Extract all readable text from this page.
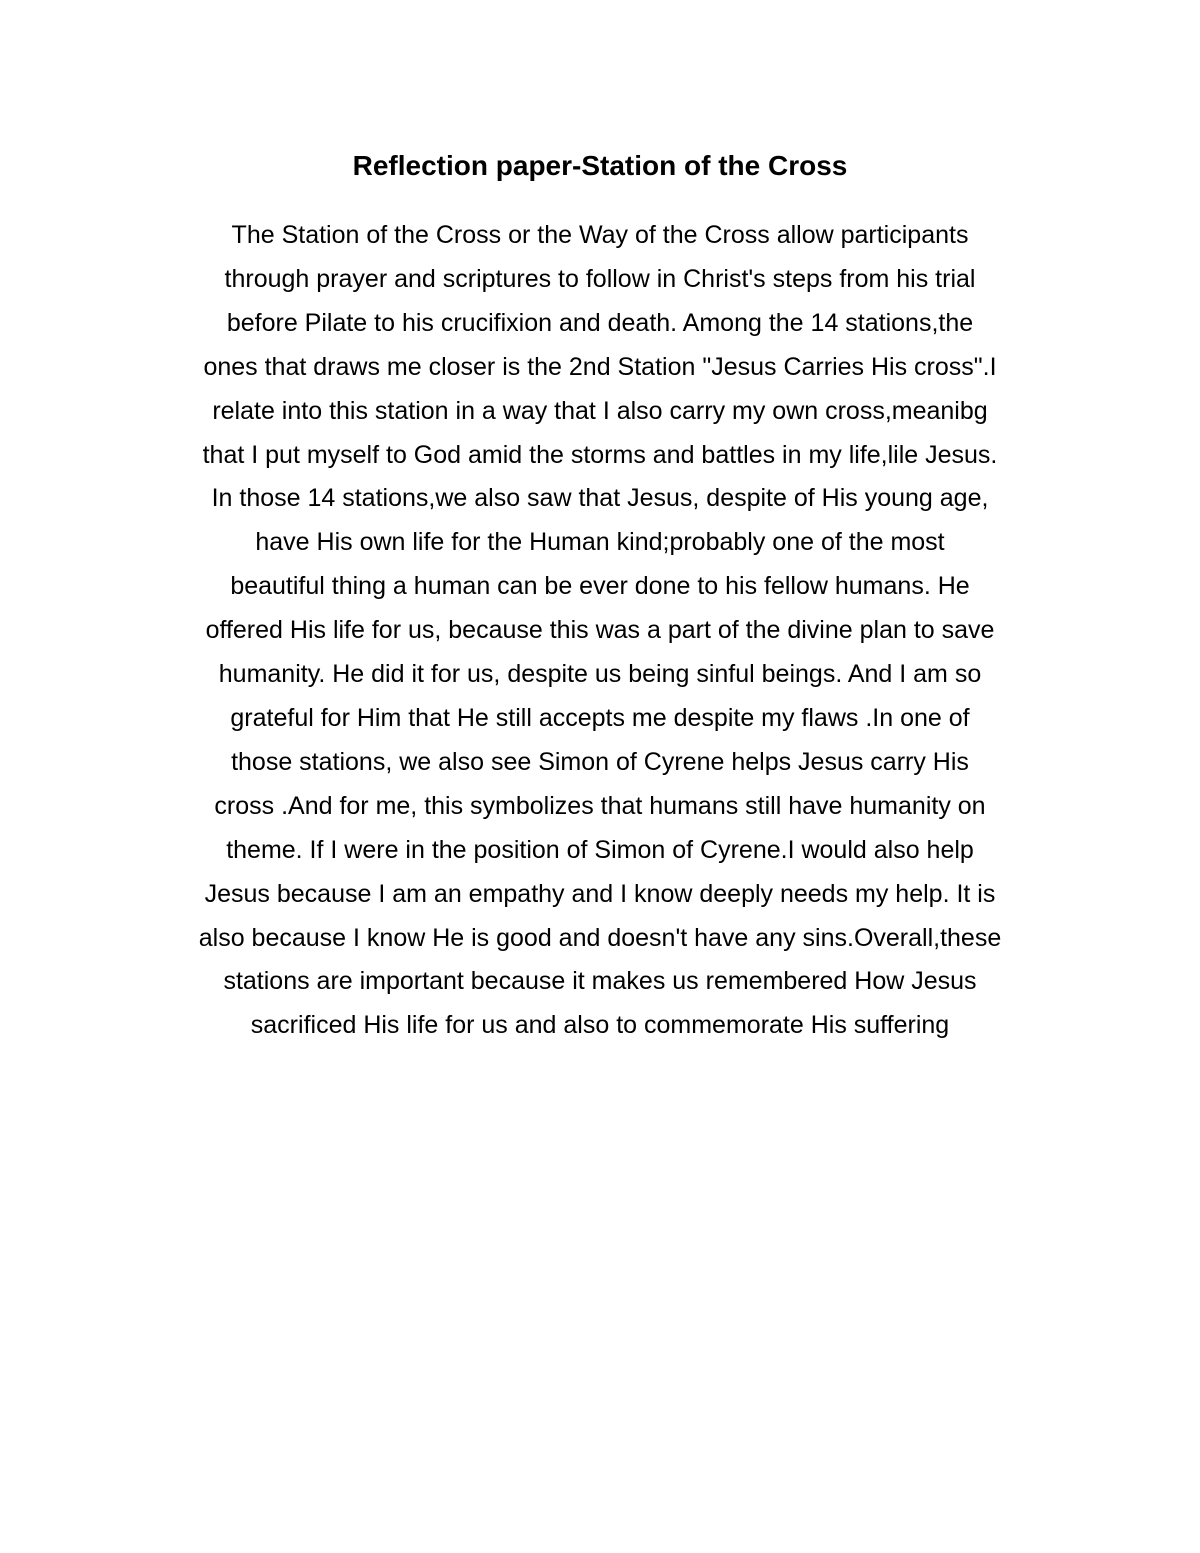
Reflection paper-Station of the Cross
The Station of the Cross or the Way of the Cross allow participants
through prayer and scriptures to follow in Christ's steps from his trial
before Pilate to his crucifixion and death. Among the 14 stations,the
ones that draws me closer is the 2nd Station "Jesus Carries His cross".I
relate into this station in a way that I also carry my own cross,meanibg
that I put myself to God amid the storms and battles in my life,lile Jesus.
In those 14 stations,we also saw that Jesus, despite of His young age,
have His own life for the Human kind;probably one of the most
beautiful thing a human can be ever done to his fellow humans. He
offered His life for us, because this was a part of the divine plan to save
humanity. He did it for us, despite us being sinful beings. And I am so
grateful for Him that He still accepts me despite my flaws .In one of
those stations, we also see Simon of Cyrene helps Jesus carry His
cross .And for me, this symbolizes that humans still have humanity on
theme. If I were in the position of Simon of Cyrene.I would also help
Jesus because I am an empathy and I know deeply needs my help. It is
also because I know He is good and doesn't have any sins.Overall,these
stations are important because it makes us remembered How Jesus
sacrificed His life for us and also to commemorate His suffering
